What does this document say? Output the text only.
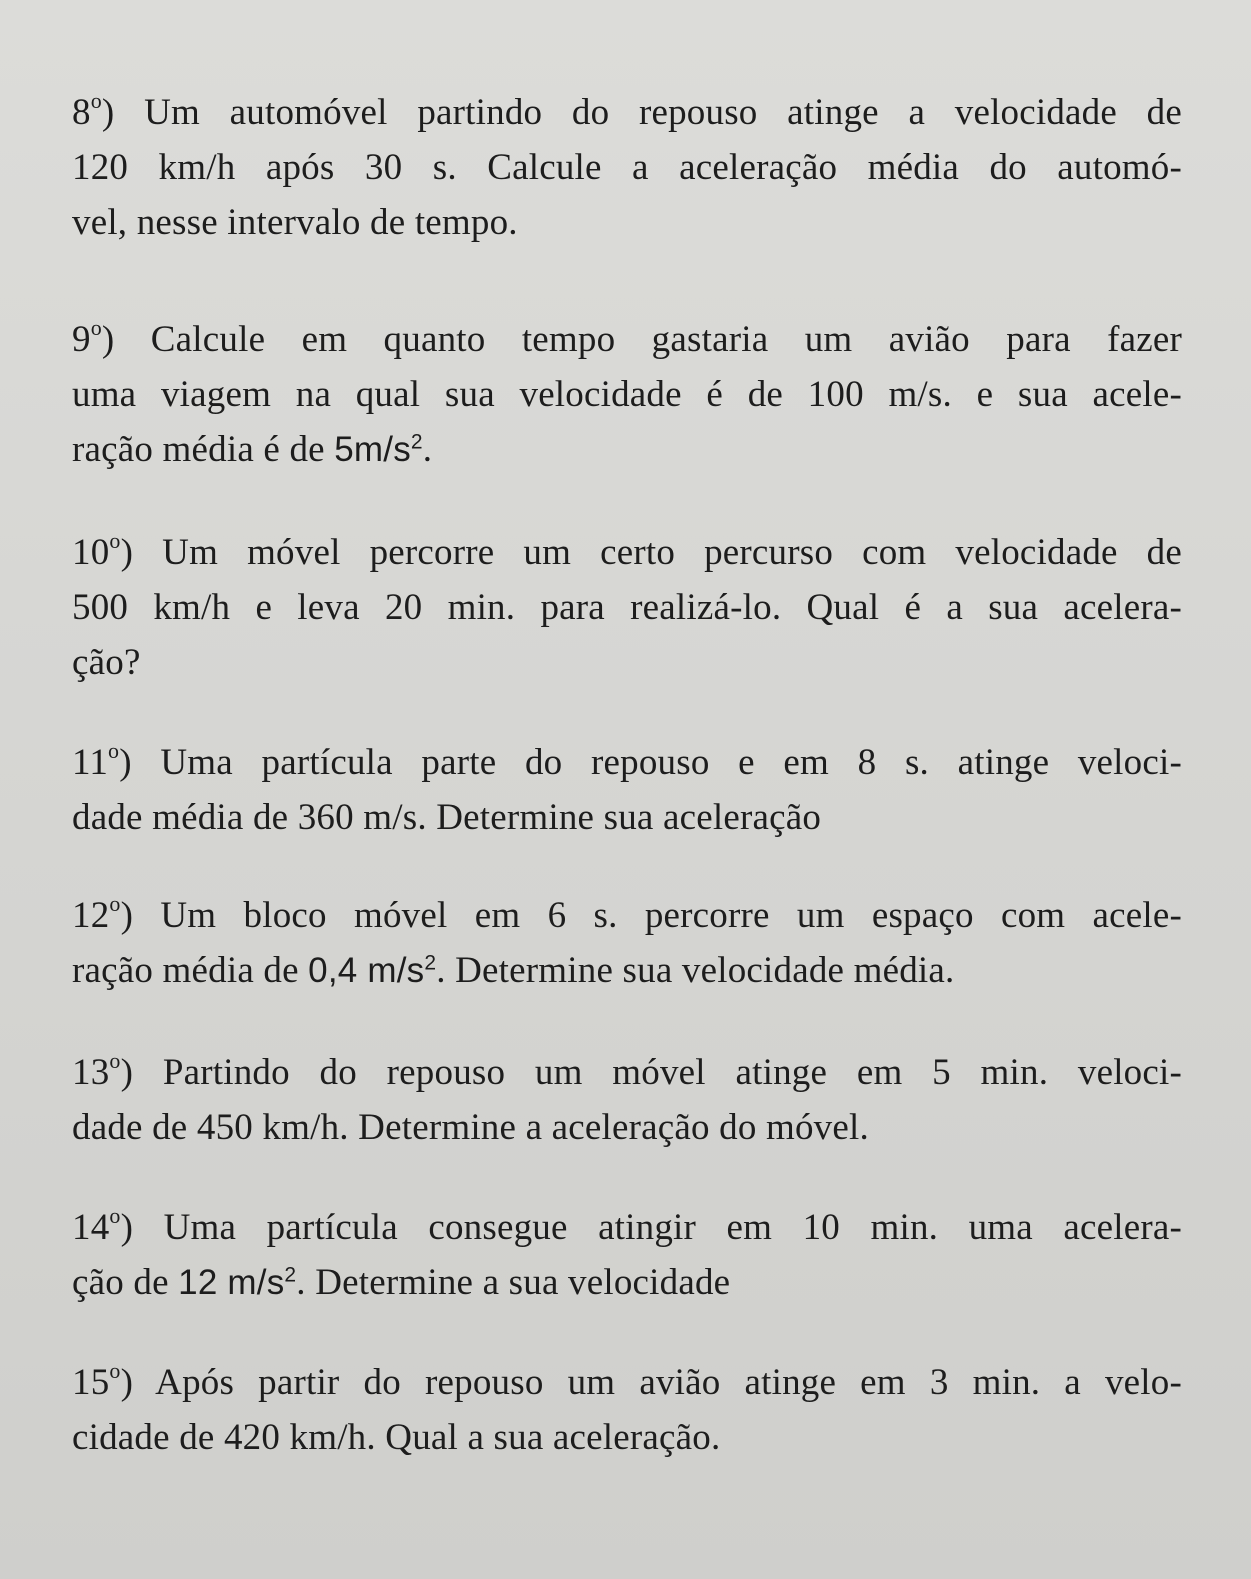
8$^o$) Um automóvel partindo do repouso atinge a velocidade de
120 km/h após 30 s. Calcule a aceleração média do automó-
vel, nesse intervalo de tempo.
9$^o$) Calcule em quanto tempo gastaria um avião para fazer
uma viagem na qual sua velocidade é de 100 m/s. e sua acele-
ração média é de $5m/s^2$.
10$^o$) Um móvel percorre um certo percurso com velocidade de
500 km/h e leva 20 min. para realizá-lo. Qual é a sua acelera-
ção?
11$^o$) Uma partícula parte do repouso e em 8 s. atinge veloci-
dade média de 360 m/s. Determine sua aceleração
12$^o$) Um bloco móvel em 6 s. percorre um espaço com acele-
ração média de 0,4 $m/s^2$. Determine sua velocidade média.
13$^o$) Partindo do repouso um móvel atinge em 5 min. veloci-
dade de 450 km/h. Determine a aceleração do móvel.
14$^o$) Uma partícula consegue atingir em 10 min. uma acelera-
ção de 12 $m/s^2$. Determine a sua velocidade
15$^o$) Após partir do repouso um avião atinge em 3 min. a velo-
cidade de 420 km/h. Qual a sua aceleração.
